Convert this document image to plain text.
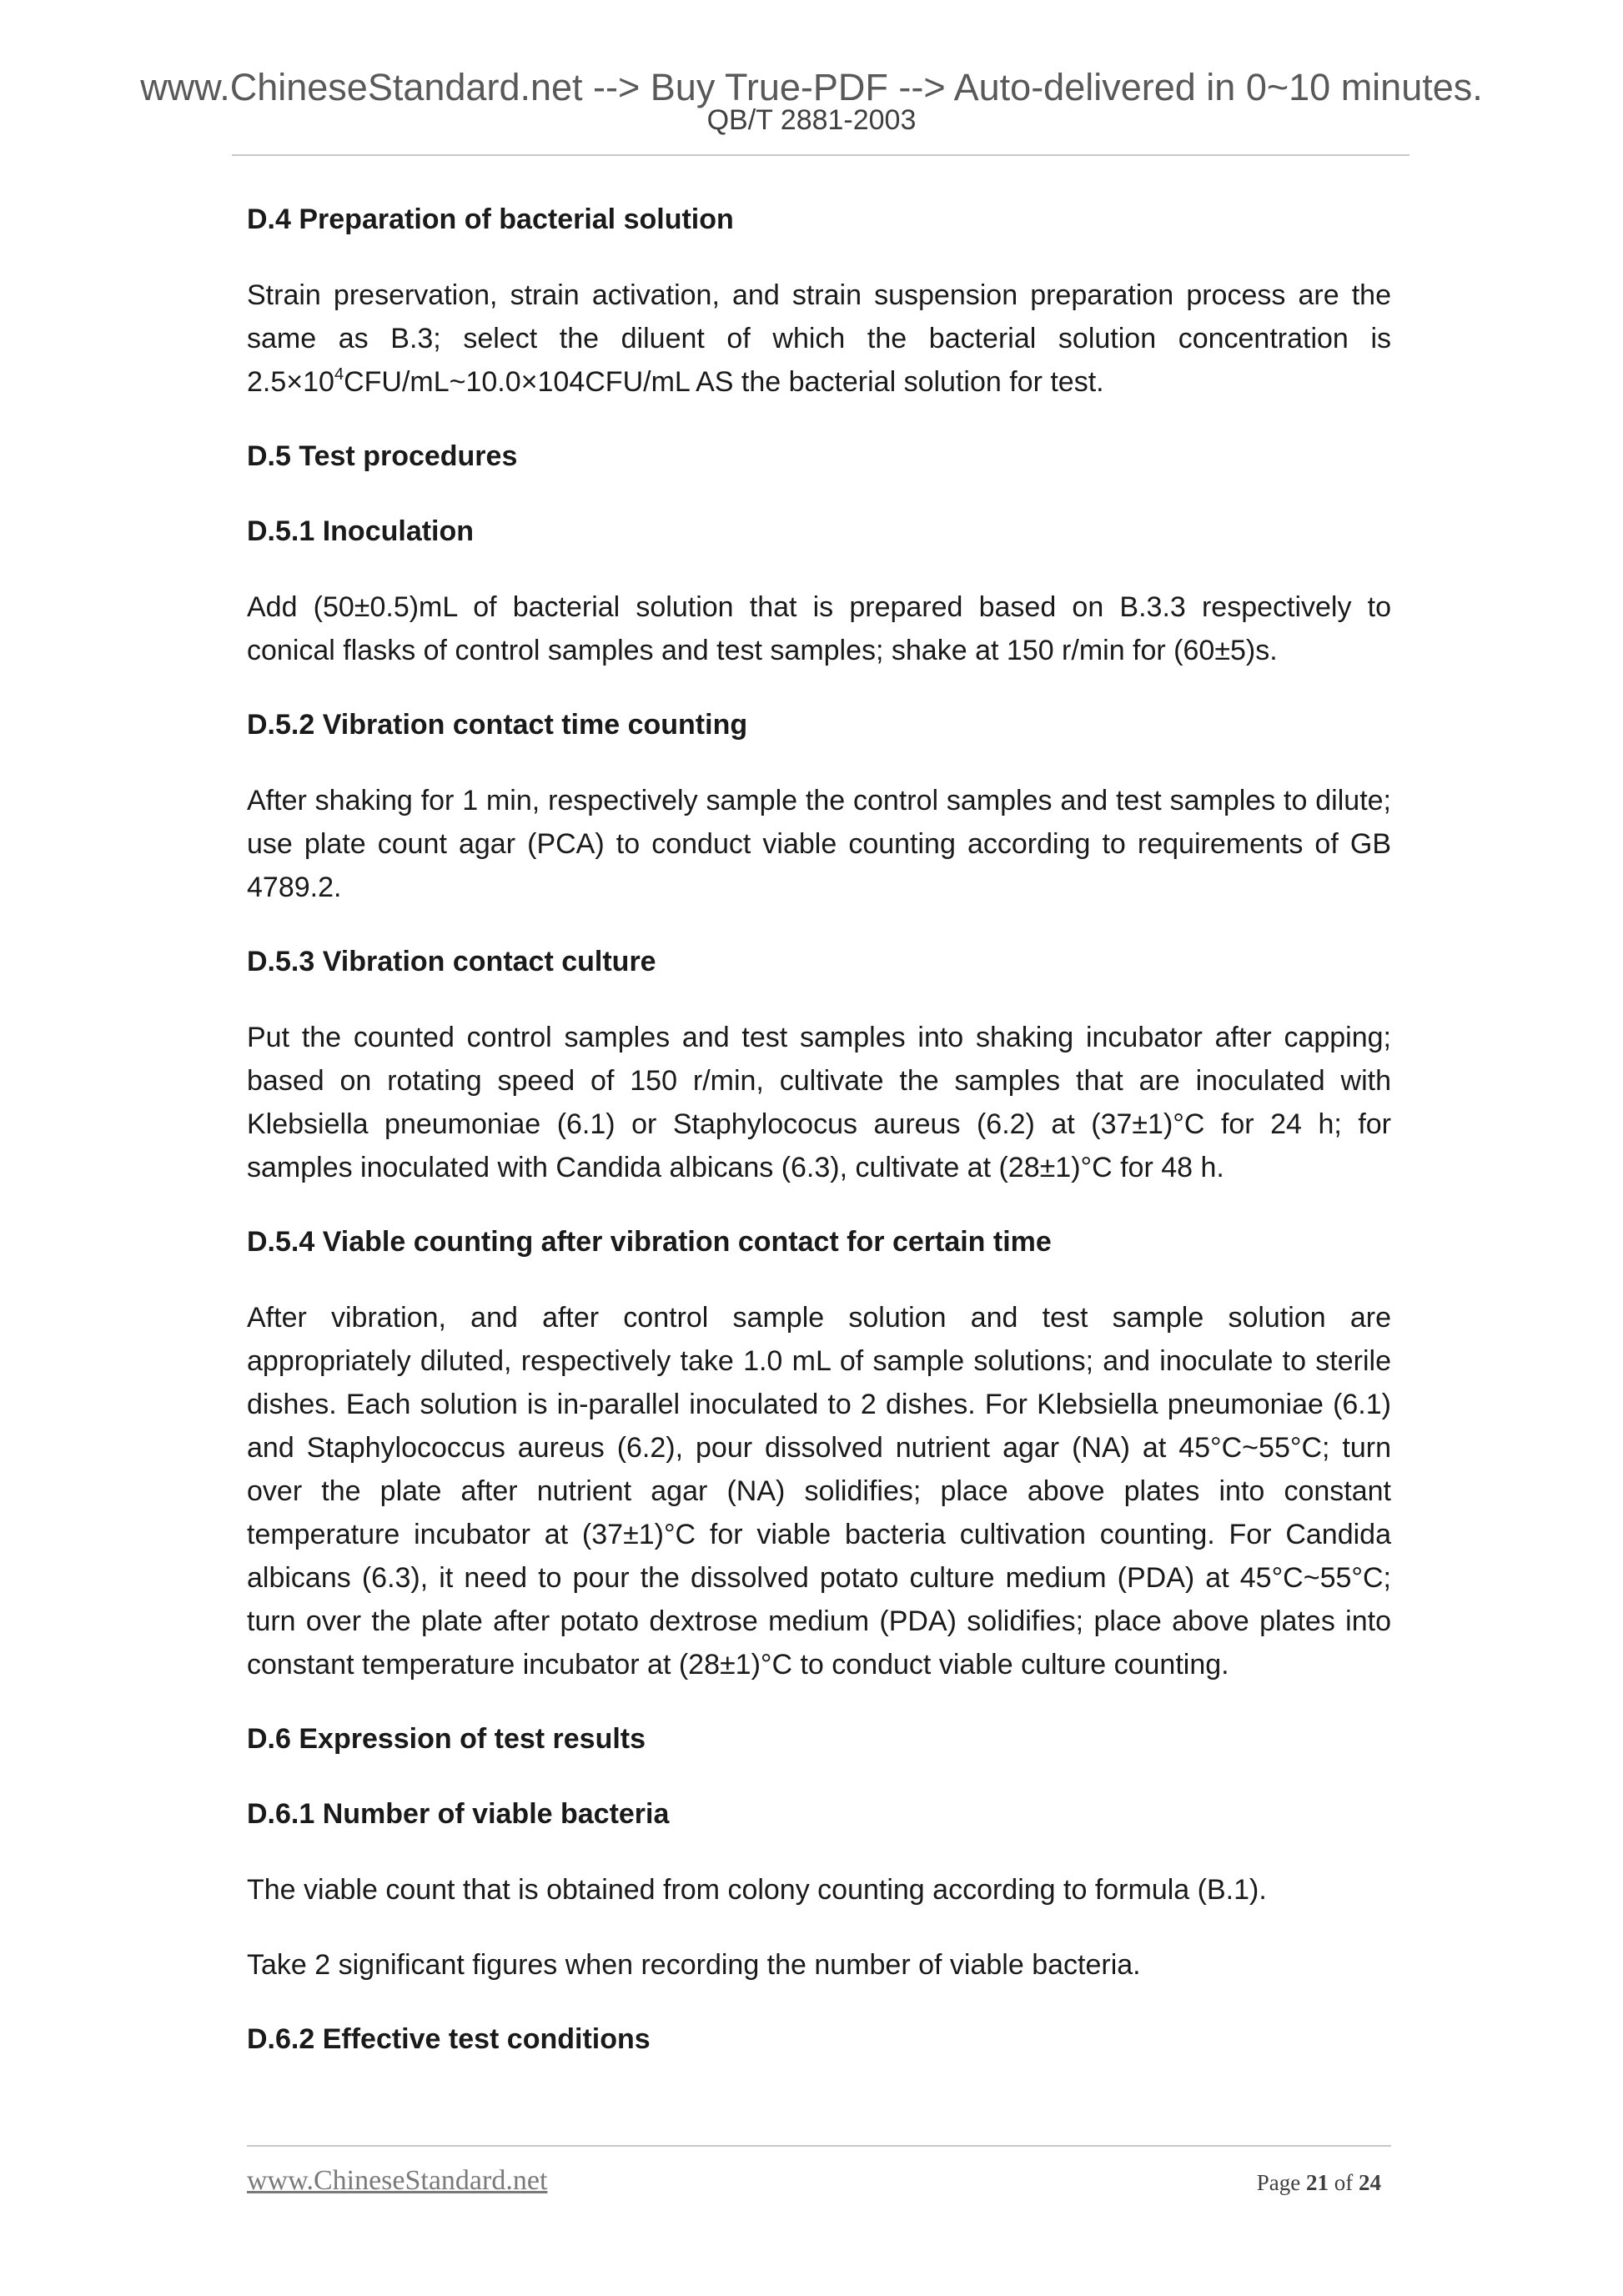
www.ChineseStandard.net --> Buy True-PDF --> Auto-delivered in 0~10 minutes.
QB/T 2881-2003
D.4 Preparation of bacterial solution
Strain preservation, strain activation, and strain suspension preparation process are the
same as B.3; select the diluent of which the bacterial solution concentration is
$2.5\times 10^4CFU/mL\sim 10.0\times 104CFU/mL$ AS the bacterial solution for test.
D.5 Test procedures
D.5.1 Inoculation
Add (50±0.5)mL of bacterial solution that is prepared based on B.3.3 respectively to
conical flasks of control samples and test samples; shake at 150 r/min for (60±5)s.
D.5.2 Vibration contact time counting
After shaking for 1 min, respectively sample the control samples and test samples to dilute;
use plate count agar (PCA) to conduct viable counting according to requirements of GB
4789.2.
D.5.3 Vibration contact culture
Put the counted control samples and test samples into shaking incubator after capping;
based on rotating speed of 150 r/min, cultivate the samples that are inoculated with
Klebsiella pneumoniae (6.1) or Staphylococus aureus (6.2) at (37±1)°C for 24 h; for
samples inoculated with Candida albicans (6.3), cultivate at (28±1)°C for 48 h.
D.5.4 Viable counting after vibration contact for certain time
After vibration, and after control sample solution and test sample solution are
appropriately diluted, respectively take 1.0 mL of sample solutions; and inoculate to sterile
dishes. Each solution is in-parallel inoculated to 2 dishes. For Klebsiella pneumoniae (6.1)
and Staphylococcus aureus (6.2), pour dissolved nutrient agar (NA) at 45°C~55°C; turn
over the plate after nutrient agar (NA) solidifies; place above plates into constant
temperature incubator at (37±1)°C for viable bacteria cultivation counting. For Candida
albicans (6.3), it need to pour the dissolved potato culture medium (PDA) at 45°C~55°C;
turn over the plate after potato dextrose medium (PDA) solidifies; place above plates into
constant temperature incubator at (28±1)°C to conduct viable culture counting.
D.6 Expression of test results
D.6.1 Number of viable bacteria
The viable count that is obtained from colony counting according to formula (B.1).
Take 2 significant figures when recording the number of viable bacteria.
D.6.2 Effective test conditions
www.ChineseStandard.net	Page 21 of 24
